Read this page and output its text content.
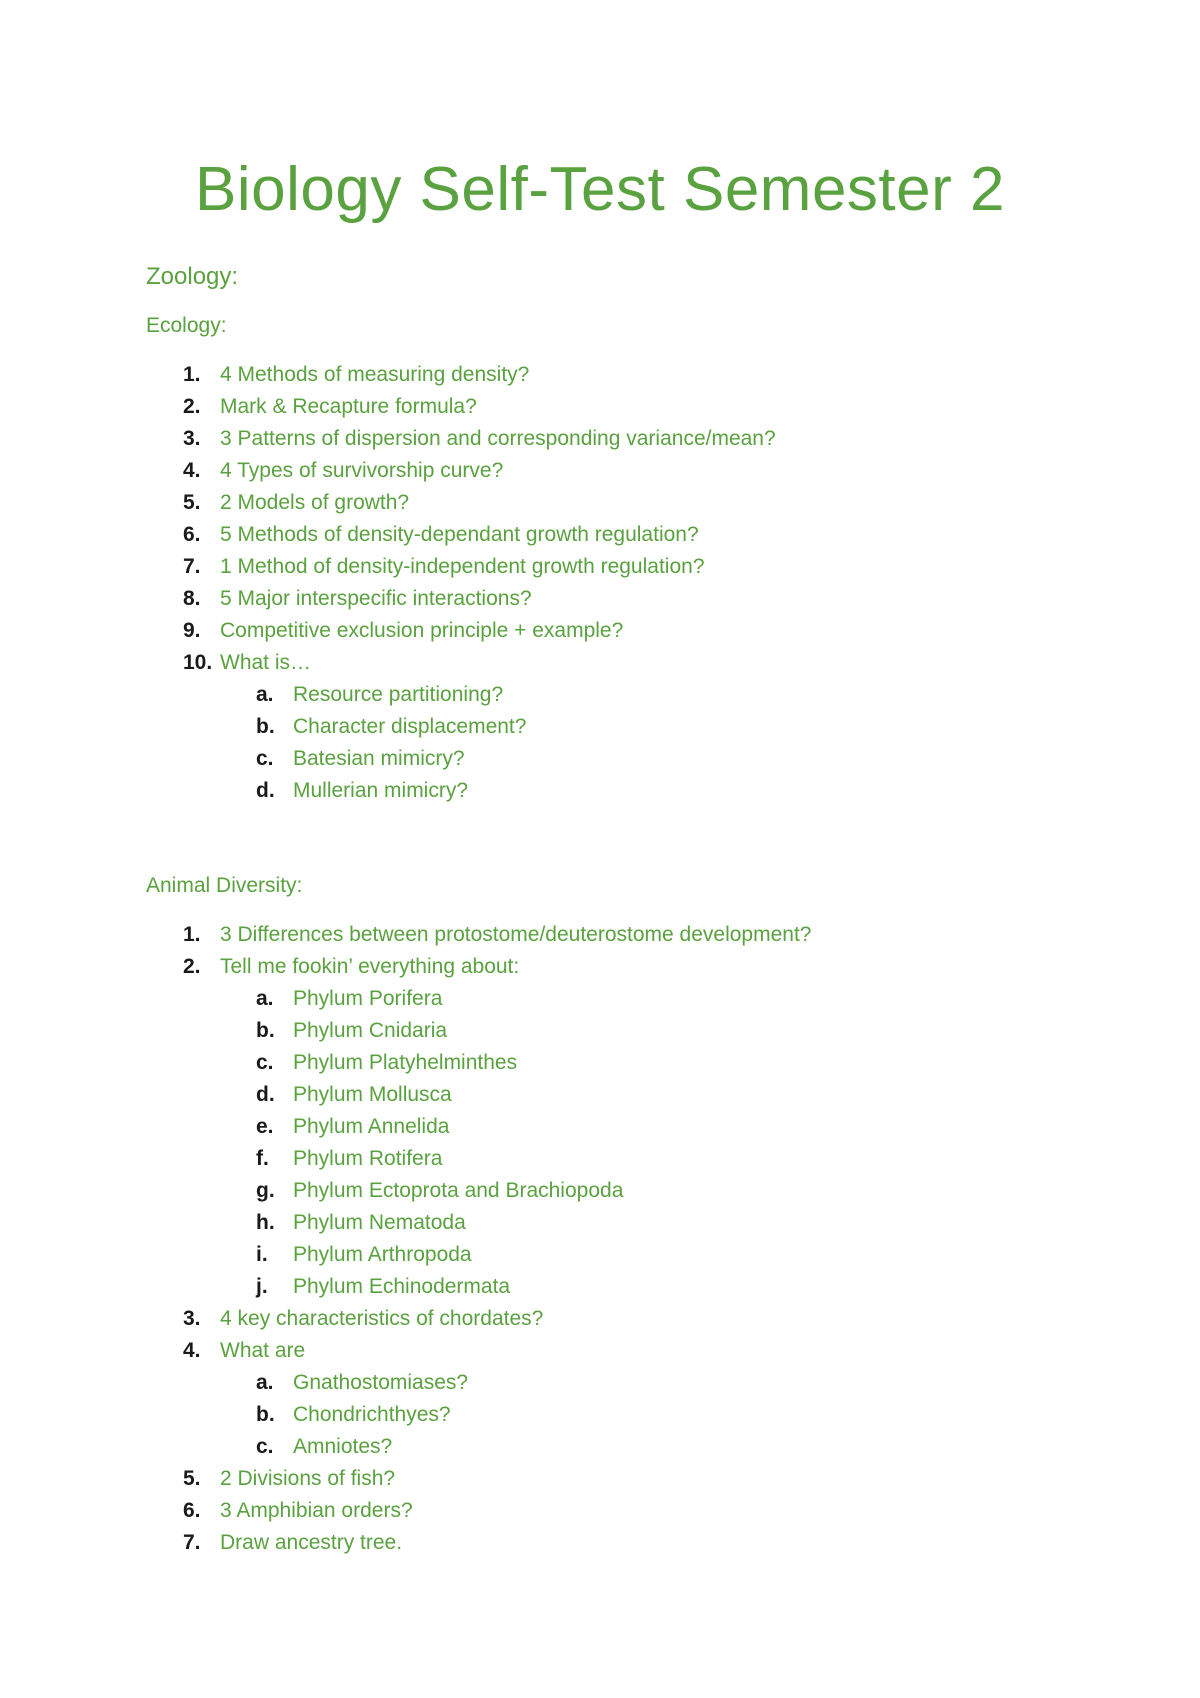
Biology Self-Test Semester 2
Zoology:
Ecology:
1. 4 Methods of measuring density?
2. Mark & Recapture formula?
3. 3 Patterns of dispersion and corresponding variance/mean?
4. 4 Types of survivorship curve?
5. 2 Models of growth?
6. 5 Methods of density-dependant growth regulation?
7. 1 Method of density-independent growth regulation?
8. 5 Major interspecific interactions?
9. Competitive exclusion principle + example?
10. What is…
a. Resource partitioning?
b. Character displacement?
c. Batesian mimicry?
d. Mullerian mimicry?
Animal Diversity:
1. 3 Differences between protostome/deuterostome development?
2. Tell me fookin’ everything about:
a. Phylum Porifera
b. Phylum Cnidaria
c. Phylum Platyhelminthes
d. Phylum Mollusca
e. Phylum Annelida
f. Phylum Rotifera
g. Phylum Ectoprota and Brachiopoda
h. Phylum Nematoda
i. Phylum Arthropoda
j. Phylum Echinodermata
3. 4 key characteristics of chordates?
4. What are
a. Gnathostomiases?
b. Chondrichthyes?
c. Amniotes?
5. 2 Divisions of fish?
6. 3 Amphibian orders?
7. Draw ancestry tree.
